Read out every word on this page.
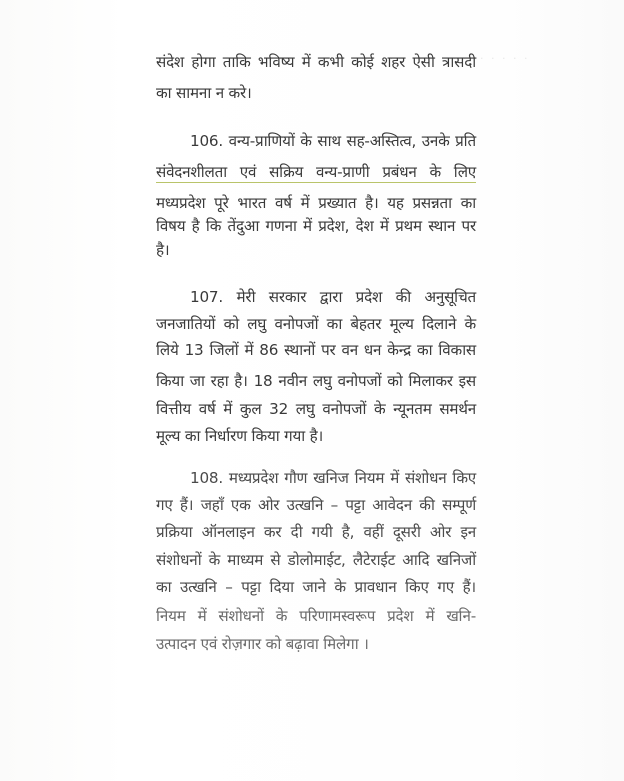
· · · · ·
संदेश होगा ताकि भविष्य में कभी कोई शहर ऐसी त्रासदी
का सामना न करे।
106. वन्य-प्राणियों के साथ सह-अस्तित्व, उनके प्रति
संवेदनशीलता एवं सक्रिय वन्य-प्राणी प्रबंधन के लिए
मध्यप्रदेश पूरे भारत वर्ष में प्रख्यात है। यह प्रसन्नता का
विषय है कि तेंदुआ गणना में प्रदेश, देश में प्रथम स्थान पर
है।
107. मेरी सरकार द्वारा प्रदेश की अनुसूचित
जनजातियों को लघु वनोपजों का बेहतर मूल्य दिलाने के
लिये 13 जिलों में 86 स्थानों पर वन धन केन्द्र का विकास
किया जा रहा है। 18 नवीन लघु वनोपजों को मिलाकर इस
वित्तीय वर्ष में कुल 32 लघु वनोपजों के न्यूनतम समर्थन
मूल्य का निर्धारण किया गया है।
108. मध्यप्रदेश गौण खनिज नियम में संशोधन किए
गए हैं। जहाँ एक ओर उत्खनि – पट्टा आवेदन की सम्पूर्ण
प्रक्रिया ऑनलाइन कर दी गयी है, वहीं दूसरी ओर इन
संशोधनों के माध्यम से डोलोमाईट, लैटेराईट आदि खनिजों
का उत्खनि – पट्टा दिया जाने के प्रावधान किए गए हैं।
नियम में संशोधनों के परिणामस्वरूप प्रदेश में खनि-
उत्पादन एवं रोज़गार को बढ़ावा मिलेगा ।
